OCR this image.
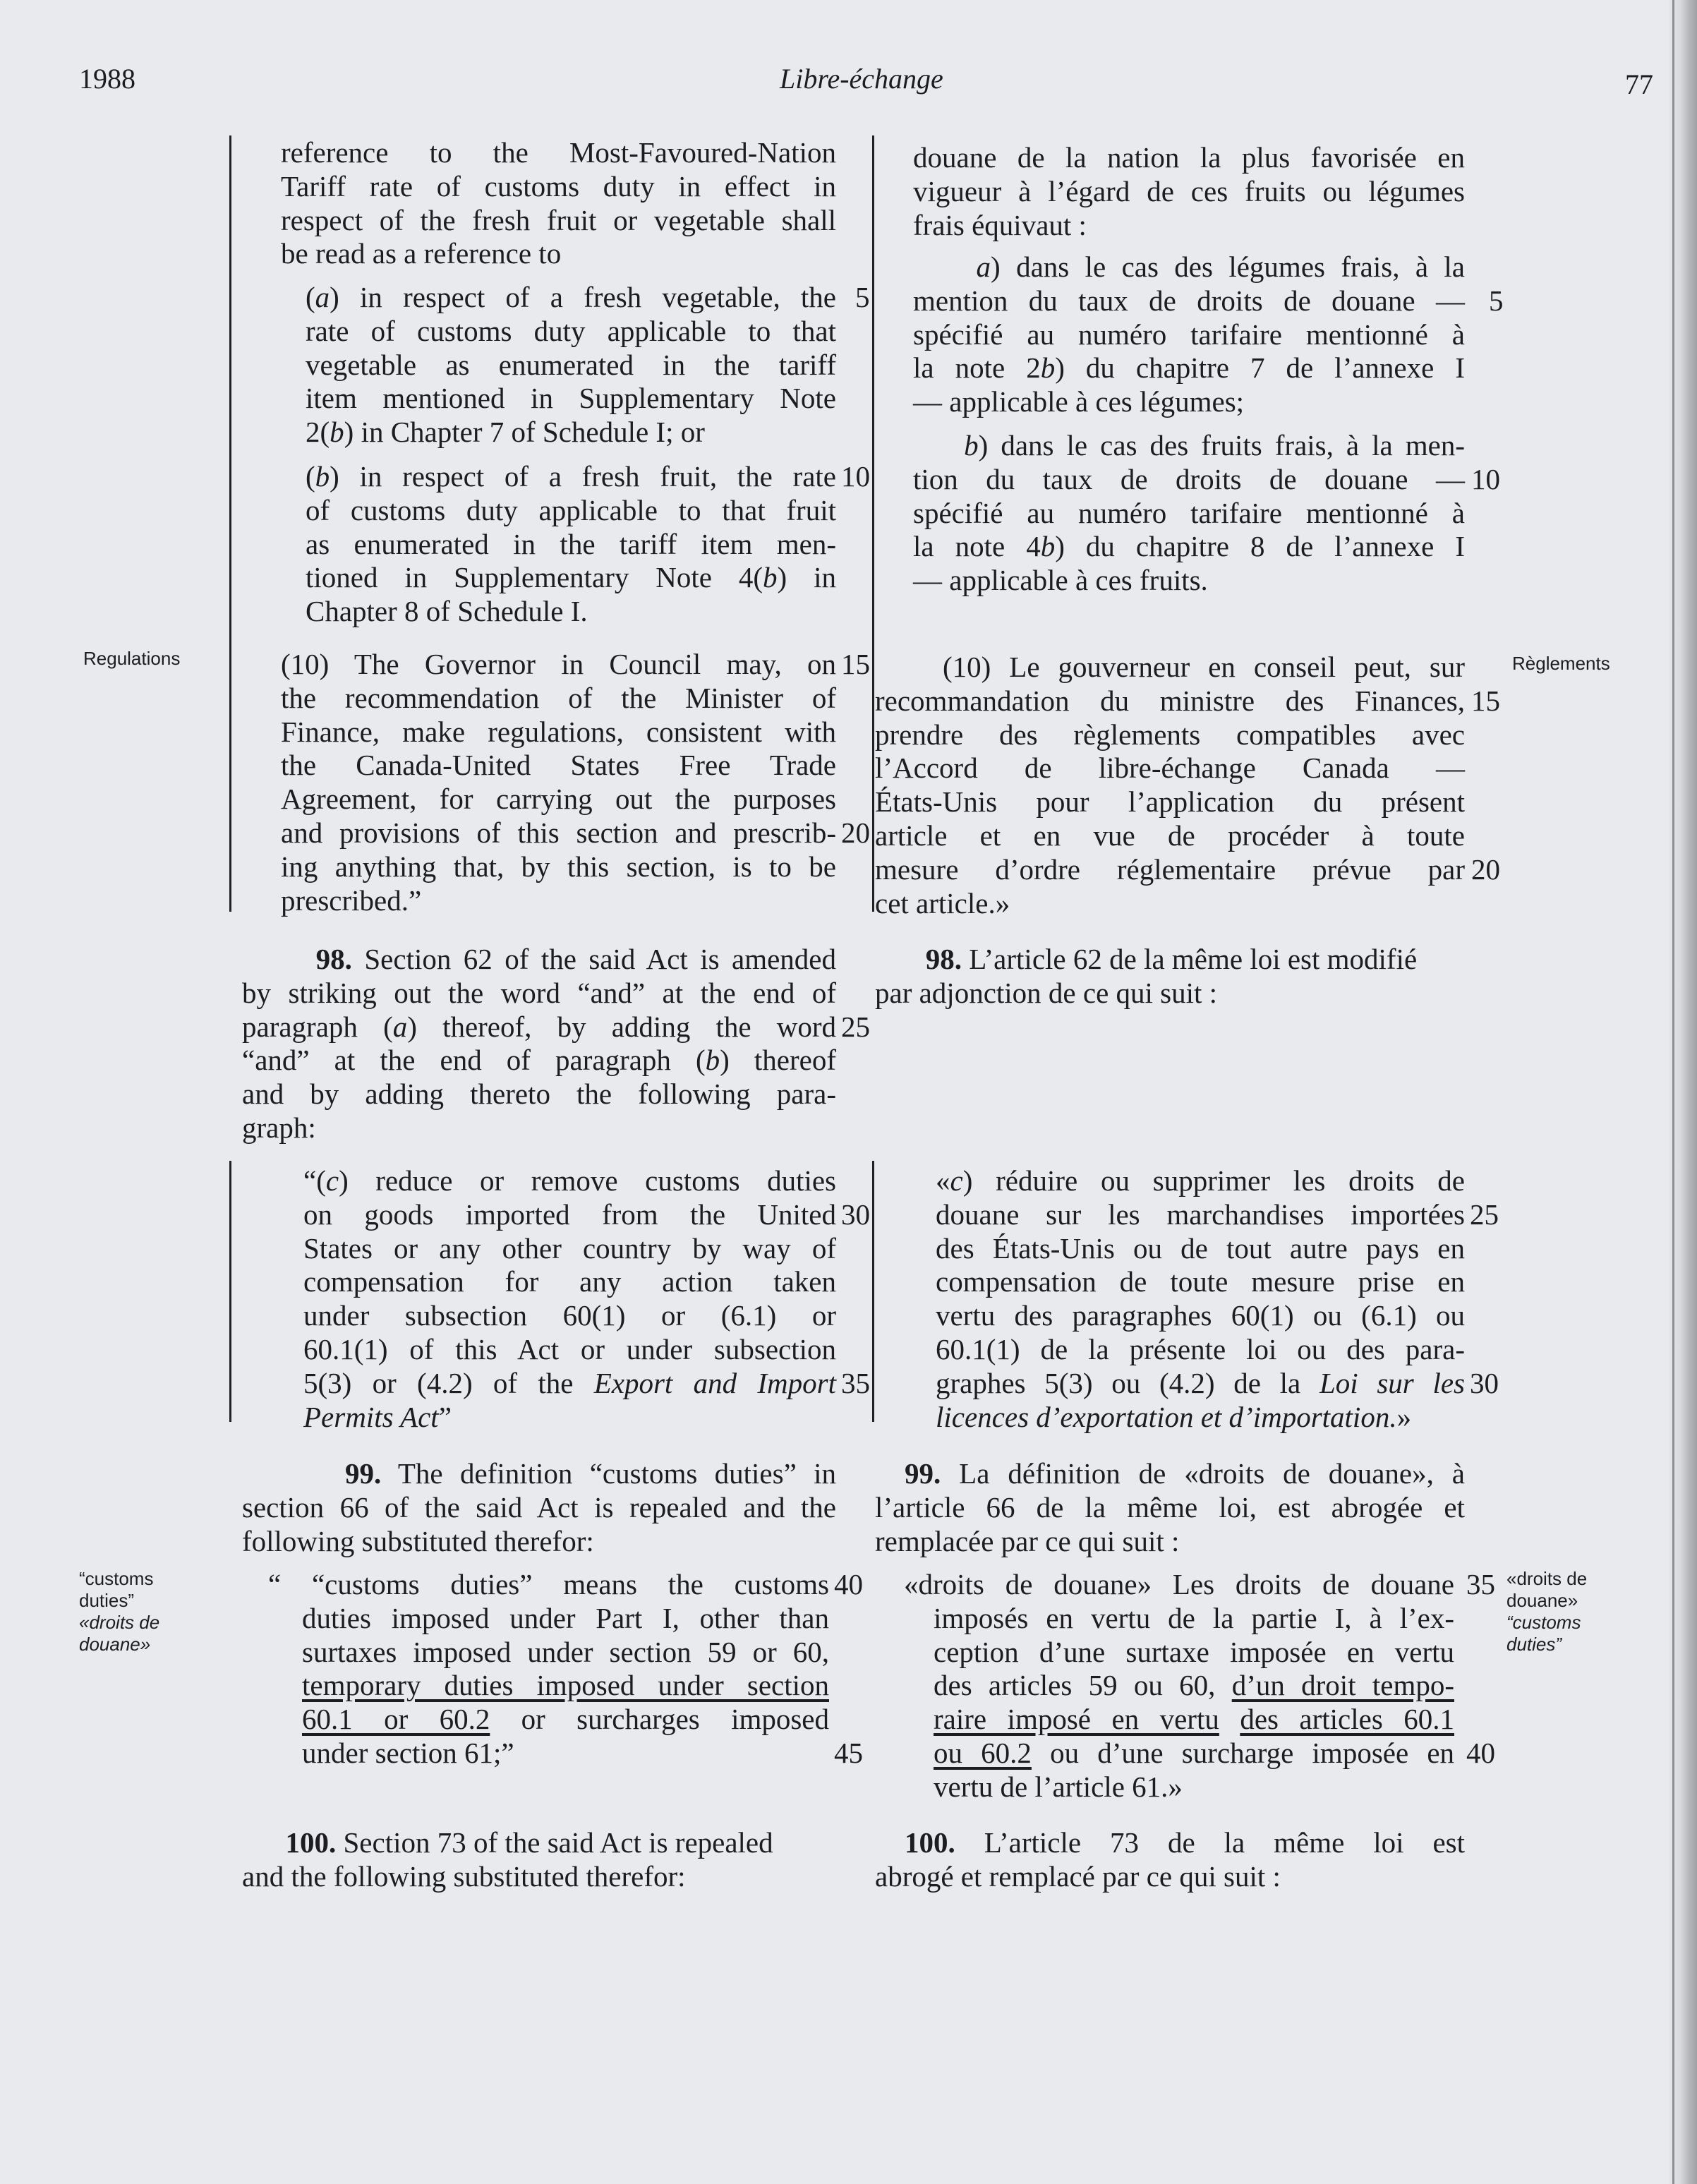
1988	Libre-échange	77
Regulations	Règlements
“customs
duties”
«droits de
douane»
«droits de
douane»
“customs
duties”

reference to the Most-Favoured-Nation

Tariff rate of customs duty in effect in

respect of the fresh fruit or vegetable shall

be read as a reference to

(a) in respect of a fresh vegetable, the

rate of customs duty applicable to that

vegetable as enumerated in the tariff

item mentioned in Supplementary Note

2(b) in Chapter 7 of Schedule I; or

(b) in respect of a fresh fruit, the rate

of customs duty applicable to that fruit

as enumerated in the tariff item men-

tioned in Supplementary Note 4(b) in

Chapter 8 of Schedule I.

(10) The Governor in Council may, on

the recommendation of the Minister of

Finance, make regulations, consistent with

the Canada-United States Free Trade

Agreement, for carrying out the purposes

and provisions of this section and prescrib-

ing anything that, by this section, is to be

prescribed.”

98. Section 62 of the said Act is amended

by striking out the word “and” at the end of

paragraph (a) thereof, by adding the word

“and” at the end of paragraph (b) thereof

and by adding thereto the following para-

graph:

“(c) reduce or remove customs duties

on goods imported from the United

States or any other country by way of

compensation for any action taken

under subsection 60(1) or (6.1) or

60.1(1) of this Act or under subsection

5(3) or (4.2) of the Export and Import

Permits Act”

99. The definition “customs duties” in

section 66 of the said Act is repealed and the

following substituted therefor:

“ “customs duties” means the customs

duties imposed under Part I, other than

surtaxes imposed under section 59 or 60,

temporary duties imposed under section

60.1 or 60.2 or surcharges imposed

under section 61;”

100. Section 73 of the said Act is repealed

and the following substituted therefor:

5
10
15
20
25
30
35
40
45

douane de la nation la plus favorisée en

vigueur à l’égard de ces fruits ou légumes

frais équivaut :

a) dans le cas des légumes frais, à la

mention du taux de droits de douane —

spécifié au numéro tarifaire mentionné à

la note 2b) du chapitre 7 de l’annexe I

— applicable à ces légumes;

b) dans le cas des fruits frais, à la men-

tion du taux de droits de douane —

spécifié au numéro tarifaire mentionné à

la note 4b) du chapitre 8 de l’annexe I

— applicable à ces fruits.

(10) Le gouverneur en conseil peut, sur

recommandation du ministre des Finances,

prendre des règlements compatibles avec

l’Accord de libre-échange Canada —

États-Unis pour l’application du présent

article et en vue de procéder à toute

mesure d’ordre réglementaire prévue par

cet article.»

98. L’article 62 de la même loi est modifié

par adjonction de ce qui suit :

«c) réduire ou supprimer les droits de

douane sur les marchandises importées

des États-Unis ou de tout autre pays en

compensation de toute mesure prise en

vertu des paragraphes 60(1) ou (6.1) ou

60.1(1) de la présente loi ou des para-

graphes 5(3) ou (4.2) de la Loi sur les

licences d’exportation et d’importation.»

99. La définition de «droits de douane», à

l’article 66 de la même loi, est abrogée et

remplacée par ce qui suit :

«droits de douane» Les droits de douane

imposés en vertu de la partie I, à l’ex-

ception d’une surtaxe imposée en vertu

des articles 59 ou 60, d’un droit tempo-

raire imposé en vertu des articles 60.1

ou 60.2 ou d’une surcharge imposée en

vertu de l’article 61.»

100. L’article 73 de la même loi est

abrogé et remplacé par ce qui suit :

5
10
15
20
25
30
35
40
